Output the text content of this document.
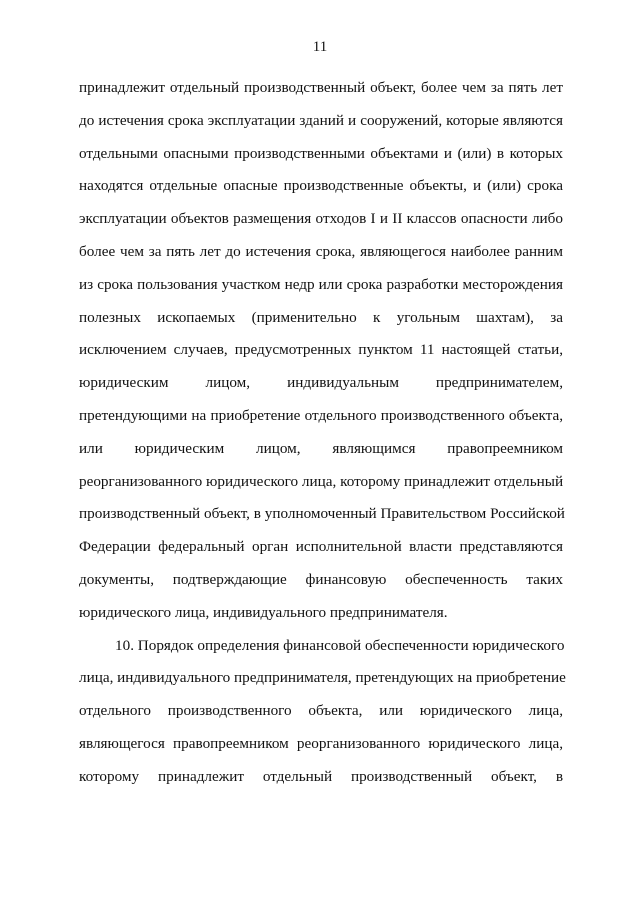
11
принадлежит отдельный производственный объект, более чем за пять лет
до истечения срока эксплуатации зданий и сооружений, которые являются
отдельными опасными производственными объектами и (или) в которых
находятся отдельные опасные производственные объекты, и (или) срока
эксплуатации объектов размещения отходов I и II классов опасности либо
более чем за пять лет до истечения срока, являющегося наиболее ранним
из срока пользования участком недр или срока разработки месторождения
полезных ископаемых (применительно к угольным шахтам), за
исключением случаев, предусмотренных пунктом 11 настоящей статьи,
юридическим лицом, индивидуальным предпринимателем,
претендующими на приобретение отдельного производственного объекта,
или юридическим лицом, являющимся правопреемником
реорганизованного юридического лица, которому принадлежит отдельный
производственный объект, в уполномоченный Правительством Российской
Федерации федеральный орган исполнительной власти представляются
документы, подтверждающие финансовую обеспеченность таких
юридического лица, индивидуального предпринимателя.
10. Порядок определения финансовой обеспеченности юридического
лица, индивидуального предпринимателя, претендующих на приобретение
отдельного производственного объекта, или юридического лица,
являющегося правопреемником реорганизованного юридического лица,
которому принадлежит отдельный производственный объект, в
